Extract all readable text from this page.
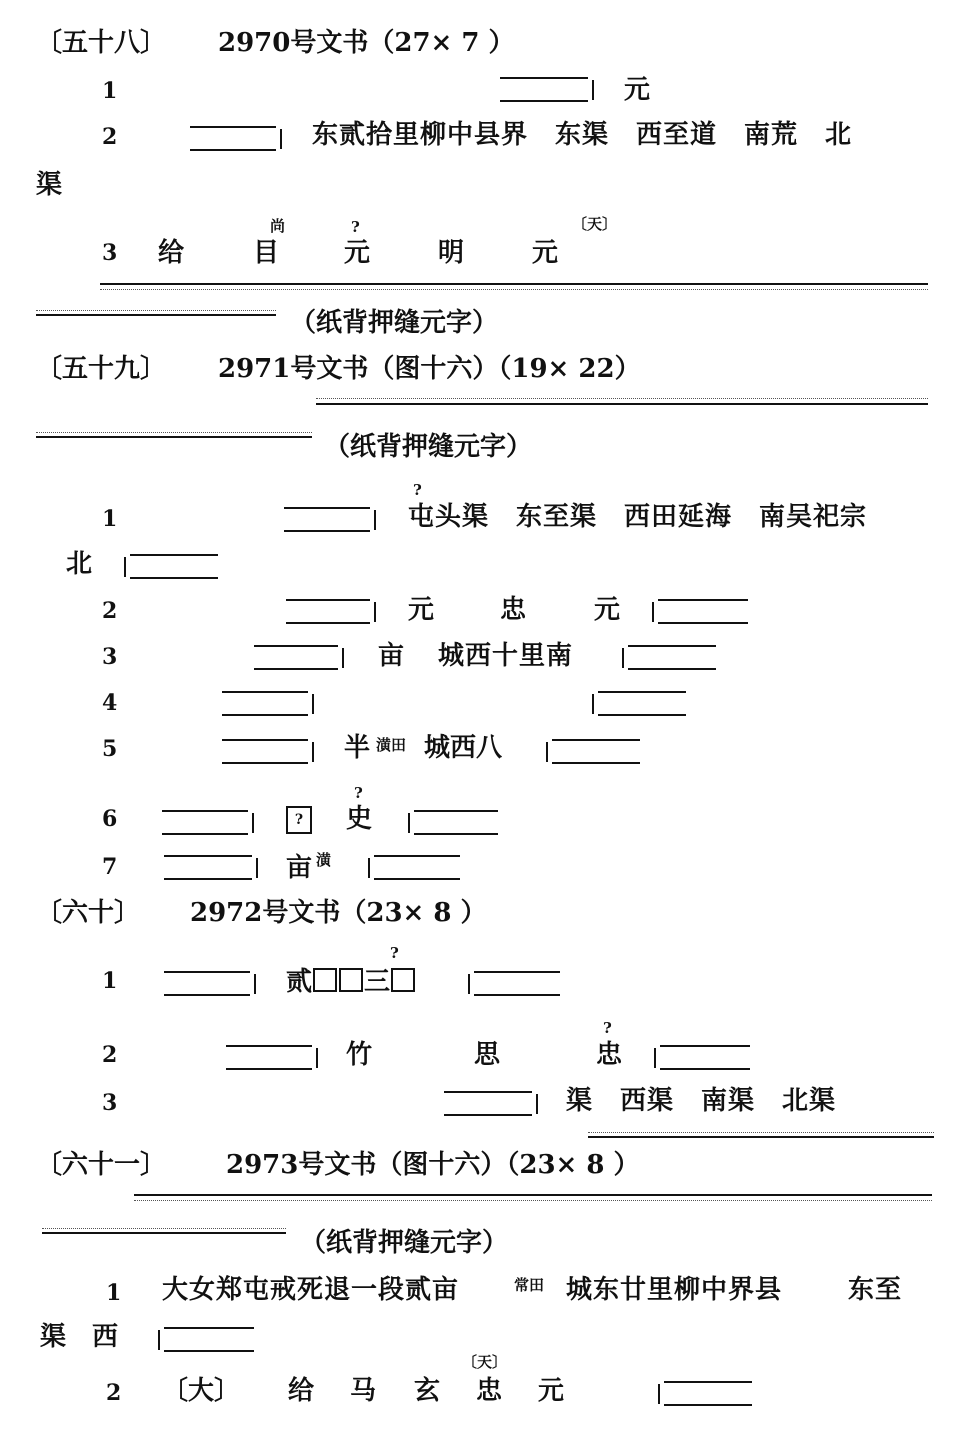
〔五十八〕 2970号文书（27× 7 ）
1	元
2	东贰拾里柳中县界　东渠　西至道　南荒　北
渠
尚	?	〔天〕
3 给	目 元	明	元
（纸背押缝元字）
〔五十九〕 2971号文书（图十六）（19× 22）
（纸背押缝元字）
?
1	屯头渠　东至渠　西田延海　南吴祀宗
北
2	元	忠	元
3	亩 城西十里南
4
5	半 潢田 城西八
?
6	?	史
7	亩 潢
〔六十〕 2972号文书（23× 8 ）
?
1	贰 三
?
2	竹	思	忠
3	渠　西渠　南渠　北渠
〔六十一〕 2973号文书（图十六）（23× 8 ）
（纸背押缝元字）
1 大女郑屯戒死退一段贰亩	常田 城东廿里柳中界县	东至
渠　西
〔天〕
2 〔大〕 给 马 玄 忠 元
